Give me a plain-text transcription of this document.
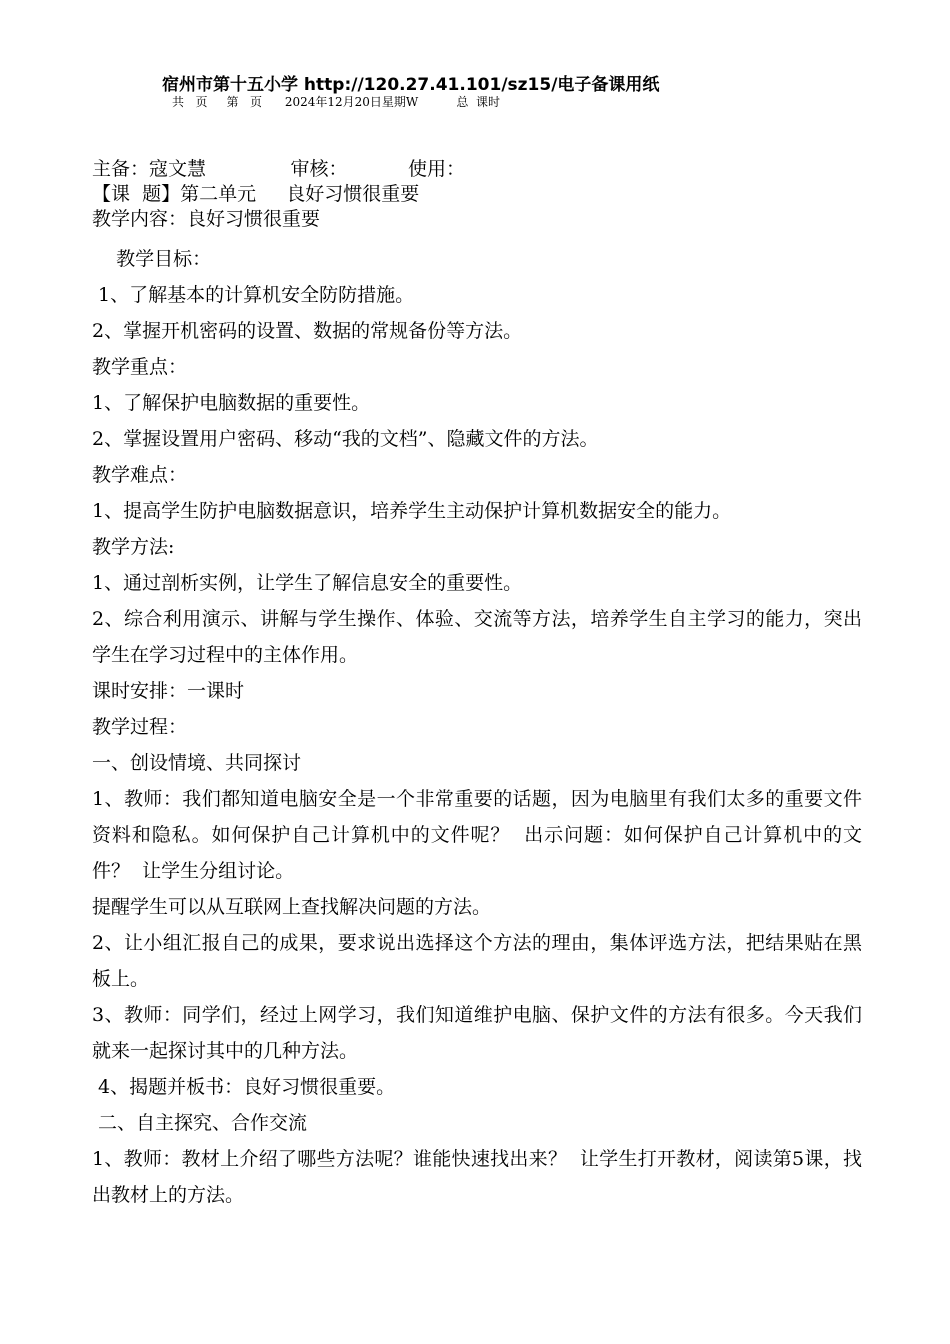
宿州市第十五小学 http://120.27.41.101/sz15/电子备课用纸
共   页     第   页      2024年12月20日星期W          总  课时
主备：寇文慧              审核：          使用：
【课  题】第二单元     良好习惯很重要
教学内容：良好习惯很重要

教学目标：

1、了解基本的计算机安全防防措施。

2、掌握开机密码的设置、数据的常规备份等方法。

教学重点：

1、了解保护电脑数据的重要性。

2、掌握设置用户密码、移动“我的文档”、隐藏文件的方法。

教学难点：

1、提高学生防护电脑数据意识，培养学生主动保护计算机数据安全的能力。

教学方法:

1、通过剖析实例，让学生了解信息安全的重要性。

2、综合利用演示、讲解与学生操作、体验、交流等方法，培养学生自主学习的能力，突出学生在学习过程中的主体作用。

课时安排：一课时

教学过程：

一、创设情境、共同探讨

1、教师：我们都知道电脑安全是一个非常重要的话题，因为电脑里有我们太多的重要文件资料和隐私。如何保护自己计算机中的文件呢？  出示问题：如何保护自己计算机中的文件？  让学生分组讨论。

提醒学生可以从互联网上查找解决问题的方法。

2、让小组汇报自己的成果，要求说出选择这个方法的理由，集体评选方法，把结果贴在黑板上。

3、教师：同学们，经过上网学习，我们知道维护电脑、保护文件的方法有很多。今天我们就来一起探讨其中的几种方法。

4、揭题并板书：良好习惯很重要。

二、自主探究、合作交流

1、教师：教材上介绍了哪些方法呢？谁能快速找出来？  让学生打开教材，阅读第5课，找出教材上的方法。
